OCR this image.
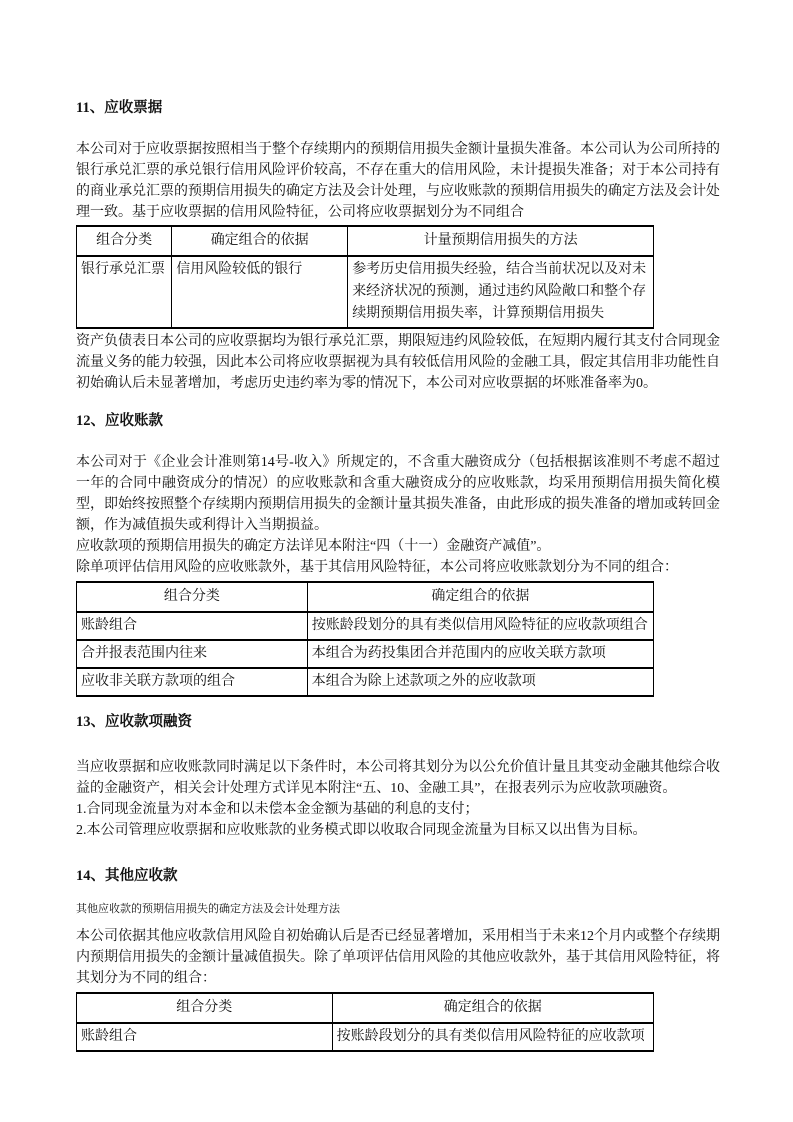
11、应收票据

本公司对于应收票据按照相当于整个存续期内的预期信用损失金额计量损失准备。本公司认为公司所持的银行承兑汇票的承兑银行信用风险评价较高，不存在重大的信用风险，未计提损失准备；对于本公司持有的商业承兑汇票的预期信用损失的确定方法及会计处理，与应收账款的预期信用损失的确定方法及会计处理一致。基于应收票据的信用风险特征，公司将应收票据划分为不同组合

组合分类	确定组合的依据	计量预期信用损失的方法
银行承兑汇票	信用风险较低的银行	参考历史信用损失经验，结合当前状况以及对未来经济状况的预测，通过违约风险敞口和整个存续期预期信用损失率，计算预期信用损失

资产负债表日本公司的应收票据均为银行承兑汇票，期限短违约风险较低，在短期内履行其支付合同现金流量义务的能力较强，因此本公司将应收票据视为具有较低信用风险的金融工具，假定其信用非功能性自初始确认后未显著增加，考虑历史违约率为零的情况下，本公司对应收票据的坏账准备率为0。

12、应收账款

本公司对于《企业会计准则第14号-收入》所规定的，不含重大融资成分（包括根据该准则不考虑不超过一年的合同中融资成分的情况）的应收账款和含重大融资成分的应收账款，均采用预期信用损失简化模型，即始终按照整个存续期内预期信用损失的金额计量其损失准备，由此形成的损失准备的增加或转回金额，作为减值损失或利得计入当期损益。

应收款项的预期信用损失的确定方法详见本附注“四（十一）金融资产减值”。

除单项评估信用风险的应收账款外，基于其信用风险特征，本公司将应收账款划分为不同的组合：

组合分类	确定组合的依据
账龄组合	按账龄段划分的具有类似信用风险特征的应收款项组合
合并报表范围内往来	本组合为药投集团合并范围内的应收关联方款项
应收非关联方款项的组合	本组合为除上述款项之外的应收款项

13、应收款项融资

当应收票据和应收账款同时满足以下条件时，本公司将其划分为以公允价值计量且其变动金融其他综合收益的金融资产，相关会计处理方式详见本附注“五、10、金融工具”，在报表列示为应收款项融资。

1.合同现金流量为对本金和以未偿本金金额为基础的利息的支付；

2.本公司管理应收票据和应收账款的业务模式即以收取合同现金流量为目标又以出售为目标。

14、其他应收款

其他应收款的预期信用损失的确定方法及会计处理方法

本公司依据其他应收款信用风险自初始确认后是否已经显著增加，采用相当于未来12个月内或整个存续期内预期信用损失的金额计量减值损失。除了单项评估信用风险的其他应收款外，基于其信用风险特征，将其划分为不同的组合：

组合分类	确定组合的依据
账龄组合	按账龄段划分的具有类似信用风险特征的应收款项
